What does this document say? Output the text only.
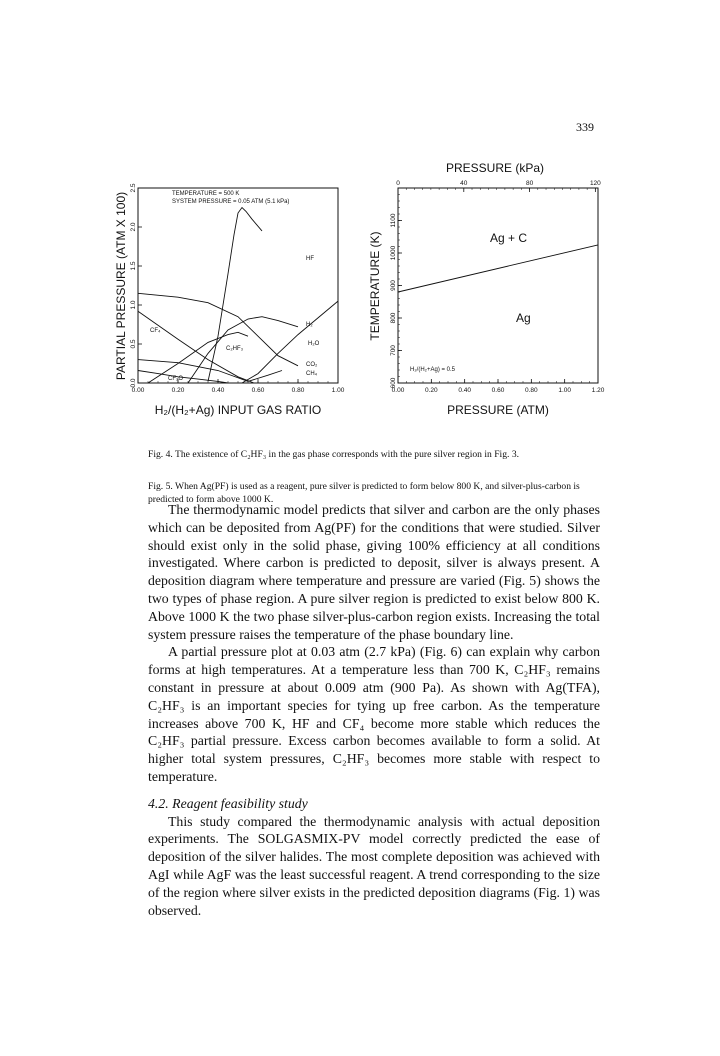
339
0.00	0.20	0.40	0.60	0.80	1.00
0.0
0.5
1.0
1.5
2.0
2.5
TEMPERATURE = 500 K
SYSTEM PRESSURE = 0.05 ATM (5.1 kPa)
HF
H₂
H₂O
C₂HF₃
CF₄
CO₂
CH₄
CF₂O
PARTIAL PRESSURE (ATM X 100)
H₂/(H₂+Ag) INPUT GAS RATIO
PRESSURE (kPa)
0	40	80	120
0.00	0.20	0.40	0.60	0.80	1.00	1.20
600
700
800
900
1000
1100
Ag + C
Ag
H₂/(H₂+Ag) = 0.5
TEMPERATURE (K)
PRESSURE (ATM)
Fig. 4. The existence of C₂HF₃ in the gas phase corresponds with the pure silver region in Fig. 3.
Fig. 5. When Ag(PF) is used as a reagent, pure silver is predicted to form below 800 K, and silver-plus-carbon is predicted to form above 1000 K.

The thermodynamic model predicts that silver and carbon are the only phases which can be deposited from Ag(PF) for the conditions that were studied. Silver should exist only in the solid phase, giving 100% efficiency at all conditions investigated. Where carbon is predicted to deposit, silver is always present. A deposition diagram where temperature and pressure are varied (Fig. 5) shows the two types of phase region. A pure silver region is predicted to exist below 800 K. Above 1000 K the two phase silver-plus-carbon region exists. Increasing the total system pressure raises the temperature of the phase boundary line.

A partial pressure plot at 0.03 atm (2.7 kPa) (Fig. 6) can explain why carbon forms at high temperatures. At a temperature less than 700 K, C₂HF₃ remains constant in pressure at about 0.009 atm (900 Pa). As shown with Ag(TFA), C₂HF₃ is an important species for tying up free carbon. As the temperature increases above 700 K, HF and CF₄ become more stable which reduces the C₂HF₃ partial pressure. Excess carbon becomes available to form a solid. At higher total system pressures, C₂HF₃ becomes more stable with respect to temperature.

4.2. Reagent feasibility study

This study compared the thermodynamic analysis with actual deposition experiments. The SOLGASMIX-PV model correctly predicted the ease of deposition of the silver halides. The most complete deposition was achieved with AgI while AgF was the least successful reagent. A trend corresponding to the size of the region where silver exists in the predicted deposition diagrams (Fig. 1) was observed.
